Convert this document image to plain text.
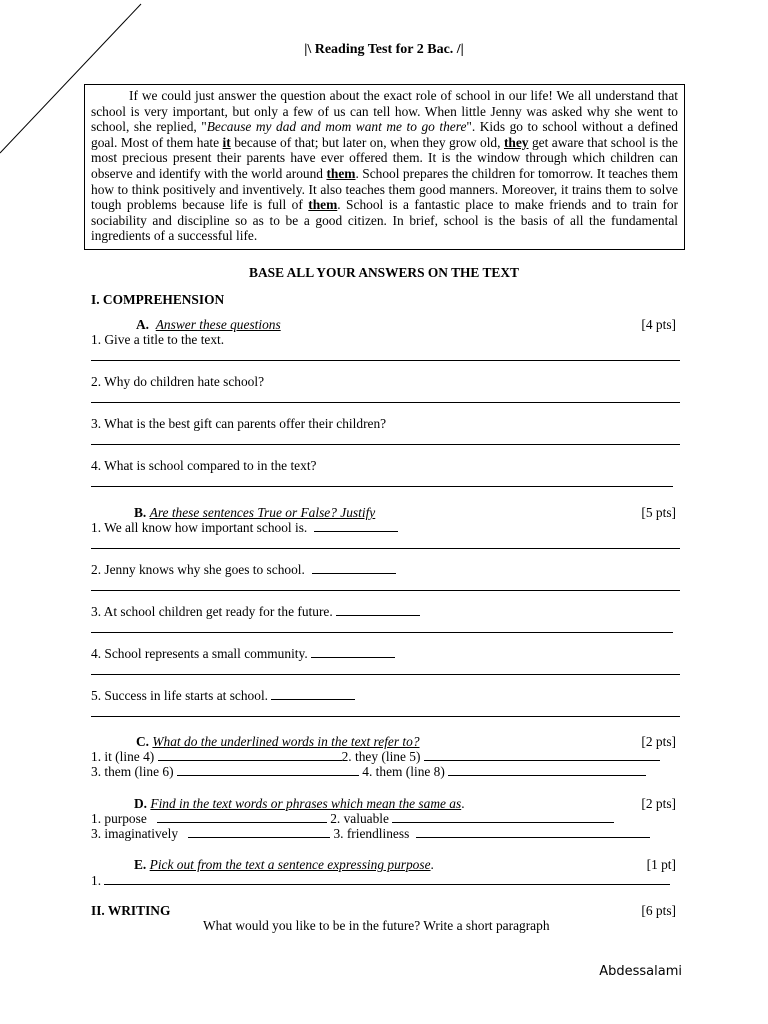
|\ Reading Test for 2 Bac. /|

If we could just answer the question about the exact role of school in our life! We all understand that school is very important, but only a few of us can tell how. When little Jenny was asked why she went to school, she replied, "Because my dad and mom want me to go there". Kids go to school without a defined goal. Most of them hate it because of that; but later on, when they grow old, they get aware that school is the most precious present their parents have ever offered them. It is the window through which children can observe and identify with the world around them. School prepares the children for tomorrow. It teaches them how to think positively and inventively. It also teaches them good manners. Moreover, it trains them to solve tough problems because life is full of them. School is a fantastic place to make friends and to train for sociability and discipline so as to be a good citizen. In brief, school is the basis of all the fundamental ingredients of a successful life.

BASE ALL YOUR ANSWERS ON THE TEXT
I. COMPREHENSION
A. Answer these questions	[4 pts]
1. Give a title to the text.
2. Why do children hate school?
3. What is the best gift can parents offer their children?
4. What is school compared to in the text?
B. Are these sentences True or False? Justify	[5 pts]
1. We all know how important school is.
2. Jenny knows why she goes to school.
3. At school children get ready for the future.
4. School represents a small community.
5. Success in life starts at school.
C. What do the underlined words in the text refer to?	[2 pts]
1. it (line 4)	2. they (line 5)
3. them (line 6)	4. them (line 8)
D. Find in the text words or phrases which mean the same as.	[2 pts]
1. purpose	2. valuable
3. imaginatively	3. friendliness
E. Pick out from the text a sentence expressing purpose.	[1 pt]
1.
II. WRITING	[6 pts]
What would you like to be in the future? Write a short paragraph
Abdessalami
